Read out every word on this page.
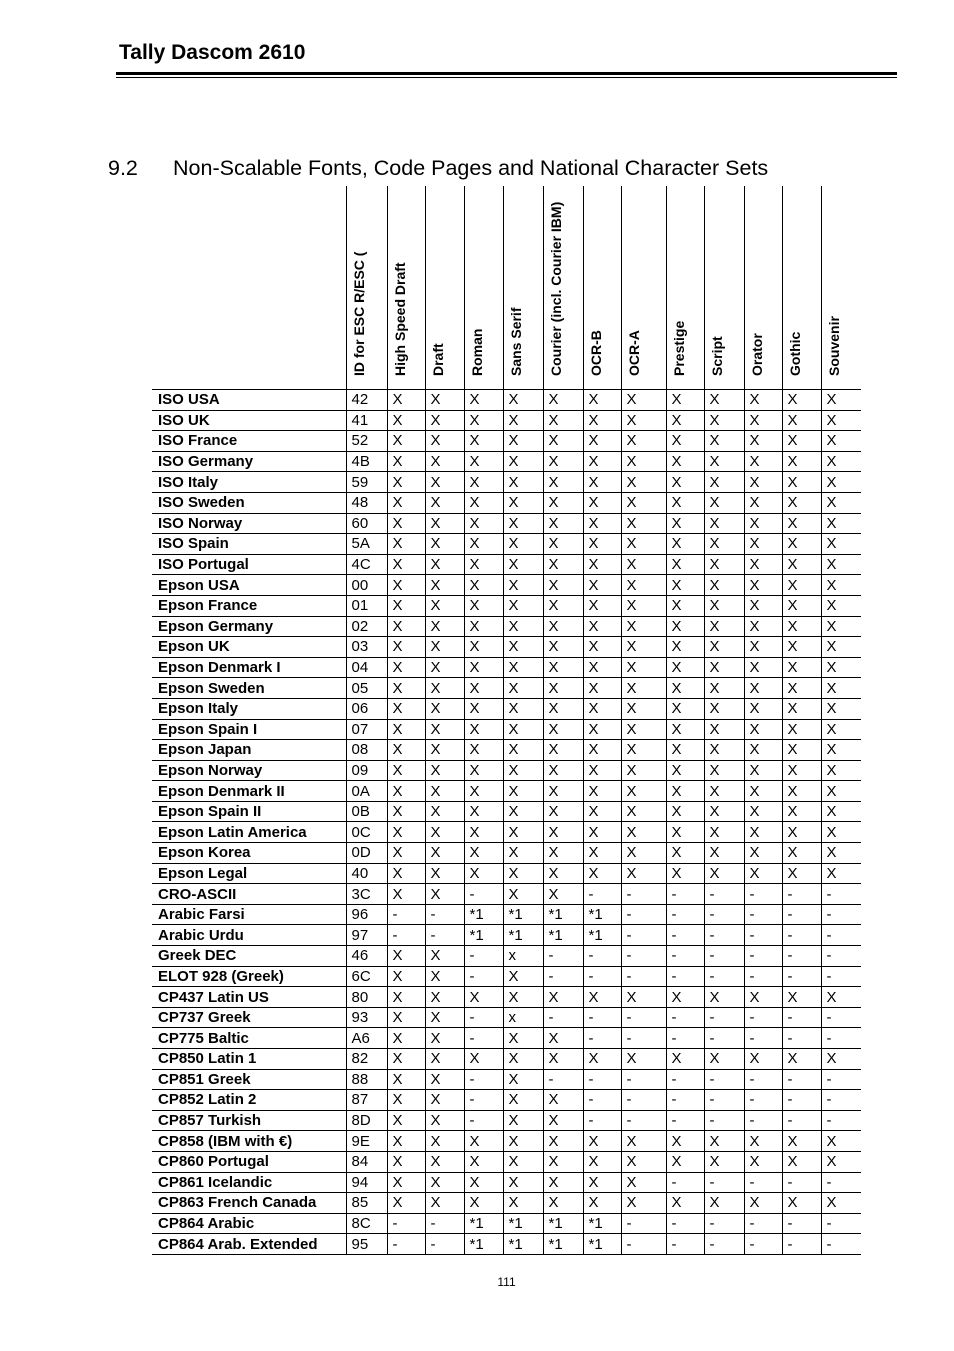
Tally Dascom 2610
9.2 Non-Scalable Fonts, Code Pages and National Character Sets

	ID for ESC R/ESC (	High Speed Draft	Draft	Roman	Sans Serif	Courier (incl. Courier IBM)	OCR-B	OCR-A	Prestige	Script	Orator	Gothic	Souvenir

ISO USA	42	X	X	X	X	X	X	X	X	X	X	X	X
ISO UK	41	X	X	X	X	X	X	X	X	X	X	X	X
ISO France	52	X	X	X	X	X	X	X	X	X	X	X	X
ISO Germany	4B	X	X	X	X	X	X	X	X	X	X	X	X
ISO Italy	59	X	X	X	X	X	X	X	X	X	X	X	X
ISO Sweden	48	X	X	X	X	X	X	X	X	X	X	X	X
ISO Norway	60	X	X	X	X	X	X	X	X	X	X	X	X
ISO Spain	5A	X	X	X	X	X	X	X	X	X	X	X	X
ISO Portugal	4C	X	X	X	X	X	X	X	X	X	X	X	X
Epson USA	00	X	X	X	X	X	X	X	X	X	X	X	X
Epson France	01	X	X	X	X	X	X	X	X	X	X	X	X
Epson Germany	02	X	X	X	X	X	X	X	X	X	X	X	X
Epson UK	03	X	X	X	X	X	X	X	X	X	X	X	X
Epson Denmark I	04	X	X	X	X	X	X	X	X	X	X	X	X
Epson Sweden	05	X	X	X	X	X	X	X	X	X	X	X	X
Epson Italy	06	X	X	X	X	X	X	X	X	X	X	X	X
Epson Spain I	07	X	X	X	X	X	X	X	X	X	X	X	X
Epson Japan	08	X	X	X	X	X	X	X	X	X	X	X	X
Epson Norway	09	X	X	X	X	X	X	X	X	X	X	X	X
Epson Denmark II	0A	X	X	X	X	X	X	X	X	X	X	X	X
Epson Spain II	0B	X	X	X	X	X	X	X	X	X	X	X	X
Epson Latin America	0C	X	X	X	X	X	X	X	X	X	X	X	X
Epson Korea	0D	X	X	X	X	X	X	X	X	X	X	X	X
Epson Legal	40	X	X	X	X	X	X	X	X	X	X	X	X
CRO-ASCII	3C	X	X	-	X	X	-	-	-	-	-	-	-
Arabic Farsi	96	-	-	*1	*1	*1	*1	-	-	-	-	-	-
Arabic Urdu	97	-	-	*1	*1	*1	*1	-	-	-	-	-	-
Greek DEC	46	X	X	-	x	-	-	-	-	-	-	-	-
ELOT 928 (Greek)	6C	X	X	-	X	-	-	-	-	-	-	-	-
CP437 Latin US	80	X	X	X	X	X	X	X	X	X	X	X	X
CP737 Greek	93	X	X	-	x	-	-	-	-	-	-	-	-
CP775 Baltic	A6	X	X	-	X	X	-	-	-	-	-	-	-
CP850 Latin 1	82	X	X	X	X	X	X	X	X	X	X	X	X
CP851 Greek	88	X	X	-	X	-	-	-	-	-	-	-	-
CP852 Latin 2	87	X	X	-	X	X	-	-	-	-	-	-	-
CP857 Turkish	8D	X	X	-	X	X	-	-	-	-	-	-	-
CP858 (IBM with €)	9E	X	X	X	X	X	X	X	X	X	X	X	X
CP860 Portugal	84	X	X	X	X	X	X	X	X	X	X	X	X
CP861 Icelandic	94	X	X	X	X	X	X	X	-	-	-	-	-
CP863 French Canada	85	X	X	X	X	X	X	X	X	X	X	X	X
CP864 Arabic	8C	-	-	*1	*1	*1	*1	-	-	-	-	-	-
CP864 Arab. Extended	95	-	-	*1	*1	*1	*1	-	-	-	-	-	-
111
